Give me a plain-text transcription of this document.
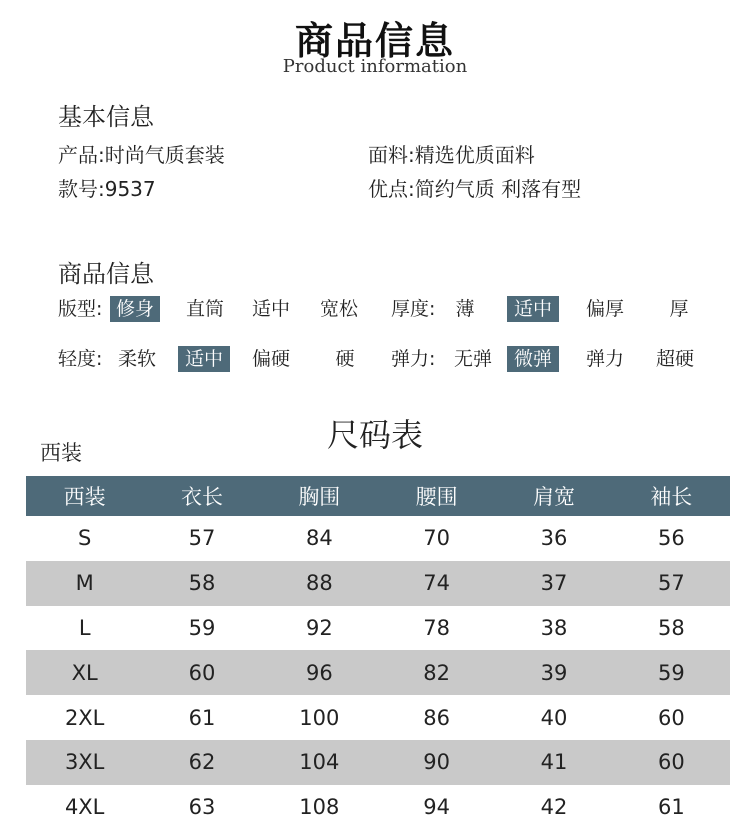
商品信息
Product information
基本信息
产品:时尚气质套装	面料:精选优质面料
款号:9537	优点:简约气质 利落有型
商品信息
版型: 修身	直筒	适中	宽松	厚度: 薄	适中	偏厚	厚
轻度: 柔软	适中	偏硬	硬 弹力: 无弹	微弹	弹力	超硬
尺码表
西装
西装	衣长	胸围	腰围	肩宽	袖长
S	57	84	70	36	56
M	58	88	74	37	57
L	59	92	78	38	58
XL	60	96	82	39	59
2XL	61	100	86	40	60
3XL	62	104	90	41	60
4XL	63	108	94	42	61
